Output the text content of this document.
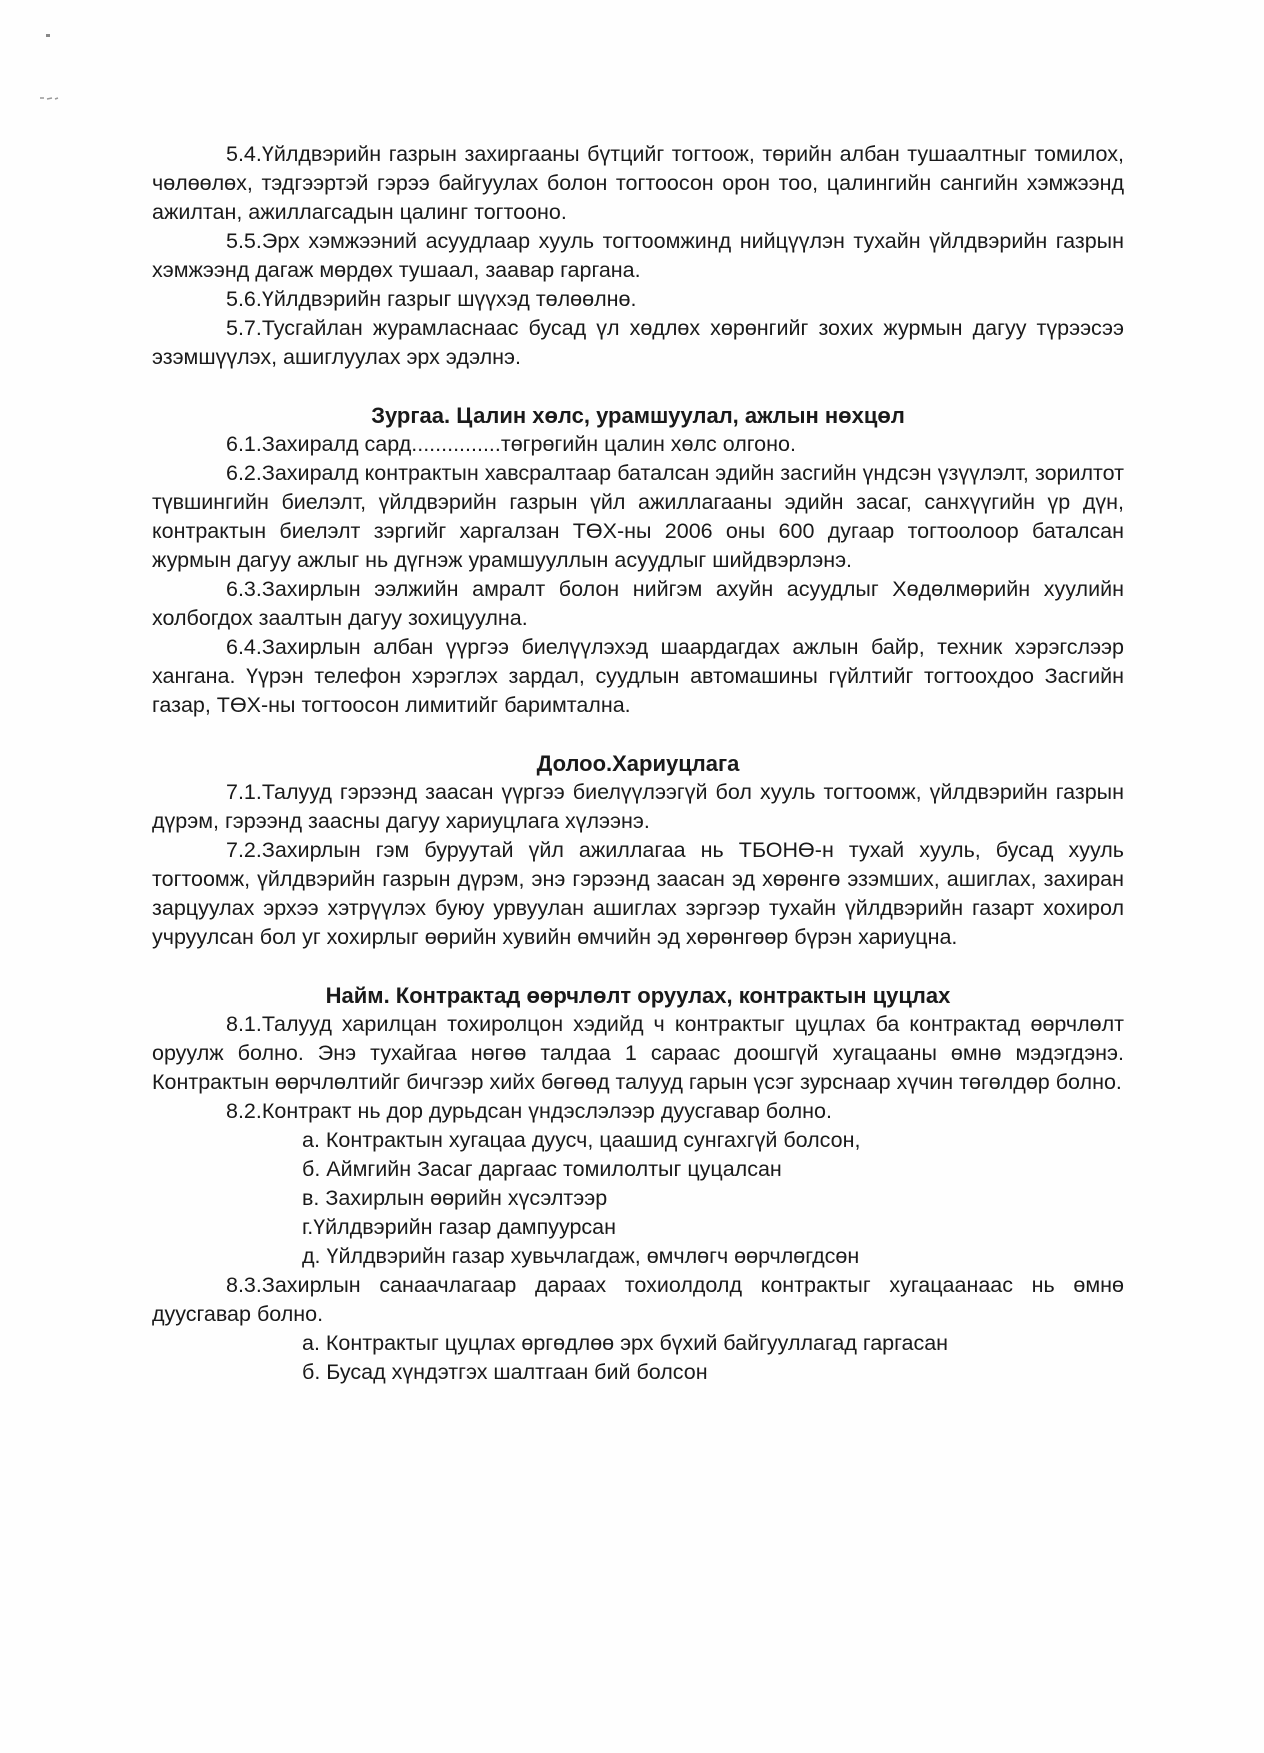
5.4.Үйлдвэрийн газрын захиргааны бүтцийг тогтоож, төрийн албан тушаалтныг томилох, чөлөөлөх, тэдгээртэй гэрээ байгуулах болон тогтоосон орон тоо, цалингийн сангийн хэмжээнд ажилтан, ажиллагсадын цалинг тогтооно.

5.5.Эрх хэмжээний асуудлаар хууль тогтоомжинд нийцүүлэн тухайн үйлдвэрийн газрын хэмжээнд дагаж мөрдөх тушаал, заавар гаргана.

5.6.Үйлдвэрийн газрыг шүүхэд төлөөлнө.

5.7.Тусгайлан журамласнаас бусад үл хөдлөх хөрөнгийг зохих журмын дагуу түрээсээ эзэмшүүлэх, ашиглуулах эрх эдэлнэ.

Зургаа. Цалин хөлс, урамшуулал, ажлын нөхцөл

6.1.Захиралд сард...............төгрөгийн цалин хөлс олгоно.

6.2.Захиралд контрактын хавсралтаар баталсан эдийн засгийн үндсэн үзүүлэлт, зорилтот түвшингийн биелэлт, үйлдвэрийн газрын үйл ажиллагааны эдийн засаг, санхүүгийн үр дүн, контрактын биелэлт зэргийг харгалзан ТӨХ-ны 2006 оны 600 дугаар тогтоолоор баталсан журмын дагуу ажлыг нь дүгнэж урамшууллын асуудлыг шийдвэрлэнэ.

6.3.Захирлын ээлжийн амралт болон нийгэм ахуйн асуудлыг Хөдөлмөрийн хуулийн холбогдох заалтын дагуу зохицуулна.

6.4.Захирлын албан үүргээ биелүүлэхэд шаардагдах ажлын байр, техник хэрэгслээр хангана. Үүрэн телефон хэрэглэх зардал, суудлын автомашины гүйлтийг тогтоохдоо Засгийн газар, ТӨХ-ны тогтоосон лимитийг баримтална.

Долоо.Хариуцлага

7.1.Талууд гэрээнд заасан үүргээ биелүүлээгүй бол хууль тогтоомж, үйлдвэрийн газрын дүрэм, гэрээнд заасны дагуу хариуцлага хүлээнэ.

7.2.Захирлын гэм буруутай үйл ажиллагаа нь ТБОНӨ-н тухай хууль, бусад хууль тогтоомж, үйлдвэрийн газрын дүрэм, энэ гэрээнд заасан эд хөрөнгө эзэмших, ашиглах, захиран зарцуулах эрхээ хэтрүүлэх буюу урвуулан ашиглах зэргээр тухайн үйлдвэрийн газарт хохирол учруулсан бол уг хохирлыг өөрийн хувийн өмчийн эд хөрөнгөөр бүрэн хариуцна.

Найм. Контрактад өөрчлөлт оруулах, контрактын цуцлах

8.1.Талууд харилцан тохиролцон хэдийд ч контрактыг цуцлах ба контрактад өөрчлөлт оруулж болно. Энэ тухайгаа нөгөө талдаа 1 сараас доошгүй хугацааны өмнө мэдэгдэнэ. Контрактын өөрчлөлтийг бичгээр хийх бөгөөд талууд гарын үсэг зурснаар хүчин төгөлдөр болно.

8.2.Контракт нь дор дурьдсан үндэслэлээр дуусгавар болно.

а. Контрактын хугацаа дуусч, цаашид сунгахгүй болсон,

б. Аймгийн Засаг даргаас томилолтыг цуцалсан

в. Захирлын өөрийн хүсэлтээр

г.Үйлдвэрийн газар дампуурсан

д. Үйлдвэрийн газар хувьчлагдаж, өмчлөгч өөрчлөгдсөн

8.3.Захирлын санаачлагаар дараах тохиолдолд контрактыг хугацаанаас нь өмнө дуусгавар болно.

а. Контрактыг цуцлах өргөдлөө эрх бүхий байгууллагад гаргасан

б. Бусад хүндэтгэх шалтгаан бий болсон
